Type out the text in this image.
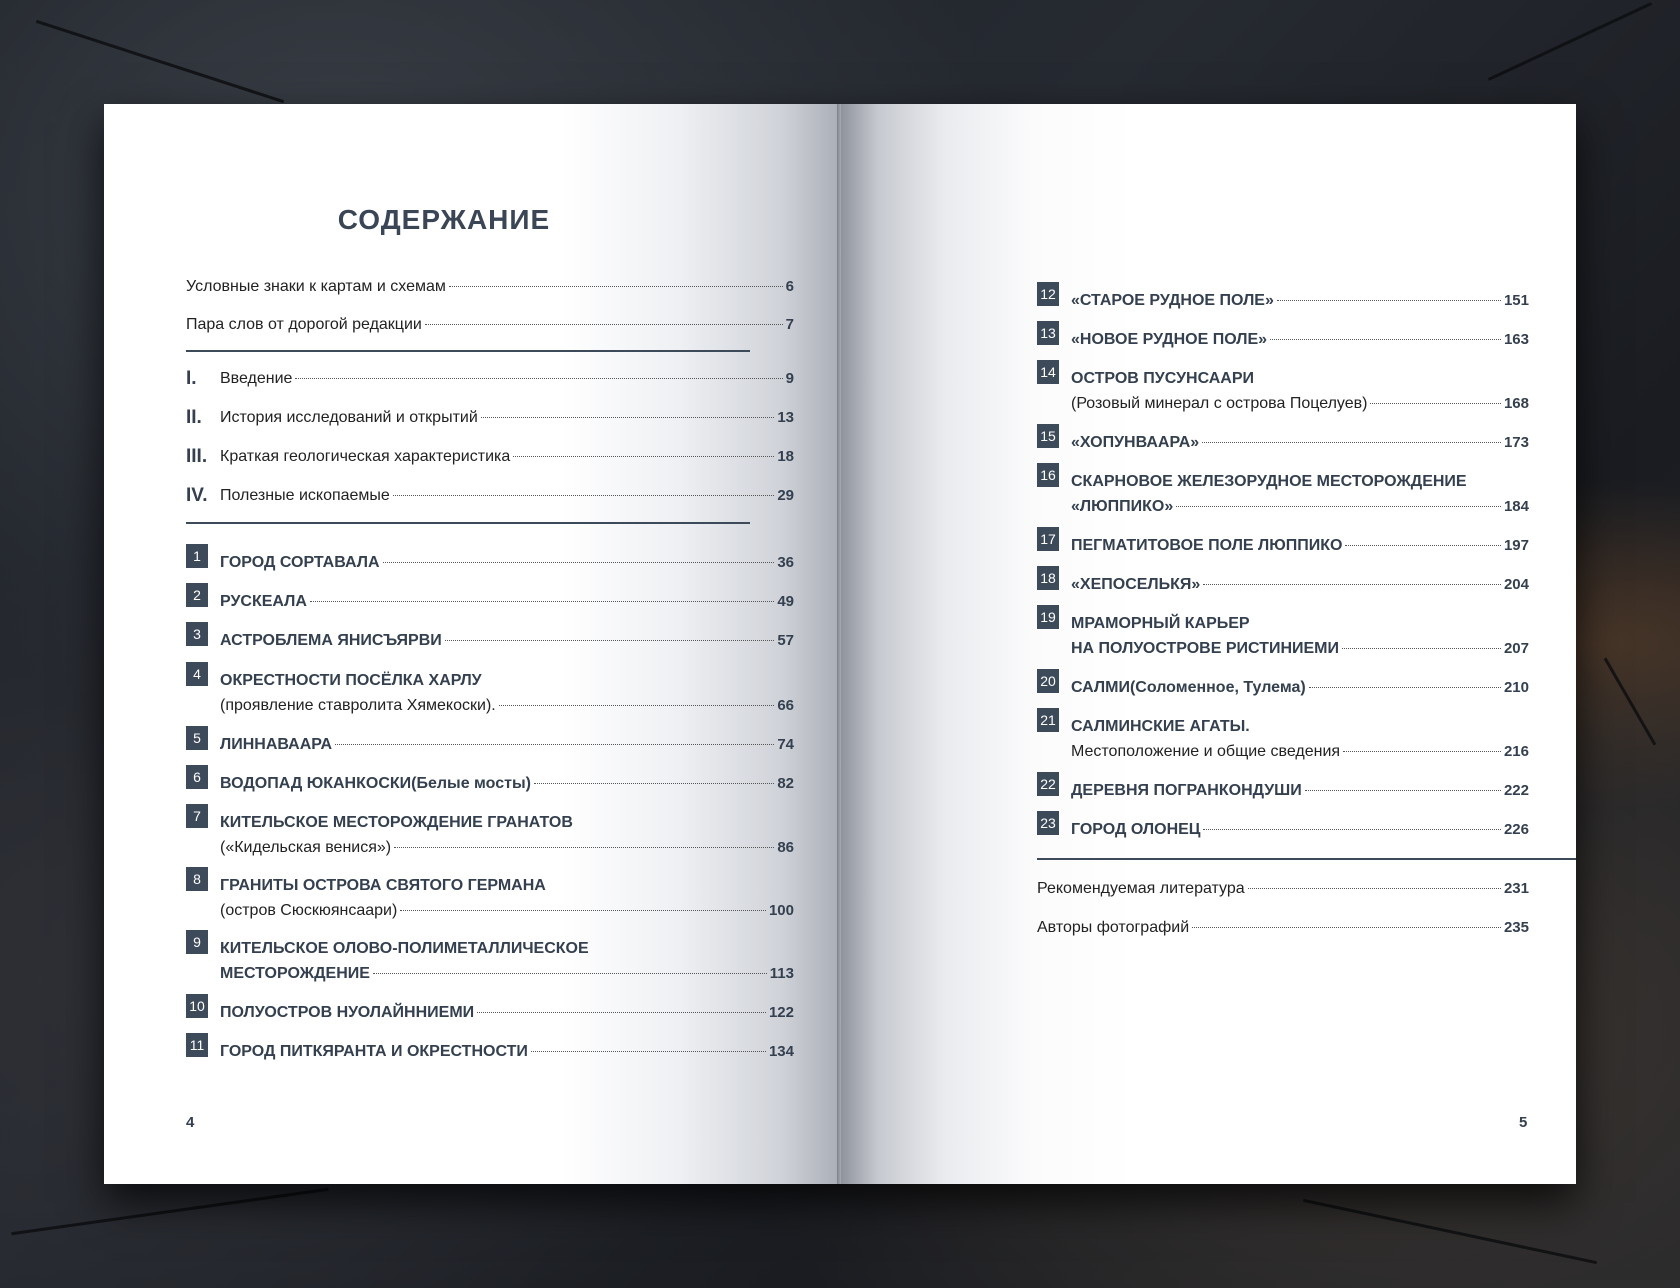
СОДЕРЖАНИЕ
Условные знаки к картам и схемам	6
Пара слов от дорогой редакции	7
I. Введение	9
II. История исследований и открытий	13
III. Краткая геологическая характеристика	18
IV. Полезные ископаемые	29
1	ГОРОД СОРТАВАЛА	36
2	РУСКЕАЛА	49
3	АСТРОБЛЕМА ЯНИСЪЯРВИ	57
4	ОКРЕСТНОСТИ ПОСЁЛКА ХАРЛУ
(проявление ставролита Хямекоски).	66
5	ЛИННАВААРА	74
6	ВОДОПАД ЮКАНКОСКИ (Белые мосты)	82
7	КИТЕЛЬСКОЕ МЕСТОРОЖДЕНИЕ ГРАНАТОВ
(«Кидельская венися»)	86
8	ГРАНИТЫ ОСТРОВА СВЯТОГО ГЕРМАНА
(остров Сюскюянсаари)	100
9	КИТЕЛЬСКОЕ ОЛОВО-ПОЛИМЕТАЛЛИЧЕСКОЕ
МЕСТОРОЖДЕНИЕ	113
10 ПОЛУОСТРОВ НУОЛАЙННИЕМИ	122
11 ГОРОД ПИТКЯРАНТА И ОКРЕСТНОСТИ	134
4
12 «СТАРОЕ РУДНОЕ ПОЛЕ»	151
13 «НОВОЕ РУДНОЕ ПОЛЕ»	163
14 ОСТРОВ ПУСУНСААРИ
(Розовый минерал с острова Поцелуев)	168
15 «ХОПУНВААРА»	173
16 СКАРНОВОЕ ЖЕЛЕЗОРУДНОЕ МЕСТОРОЖДЕНИЕ
«ЛЮППИКО»	184
17 ПЕГМАТИТОВОЕ ПОЛЕ ЛЮППИКО	197
18 «ХЕПОСЕЛЬКЯ»	204
19 МРАМОРНЫЙ КАРЬЕР
НА ПОЛУОСТРОВЕ РИСТИНИЕМИ	207
20 САЛМИ (Соломенное, Тулема)	210
21 САЛМИНСКИЕ АГАТЫ.
Местоположение и общие сведения	216
22 ДЕРЕВНЯ ПОГРАНКОНДУШИ	222
23 ГОРОД ОЛОНЕЦ	226
Рекомендуемая литература	231
Авторы фотографий	235
5
